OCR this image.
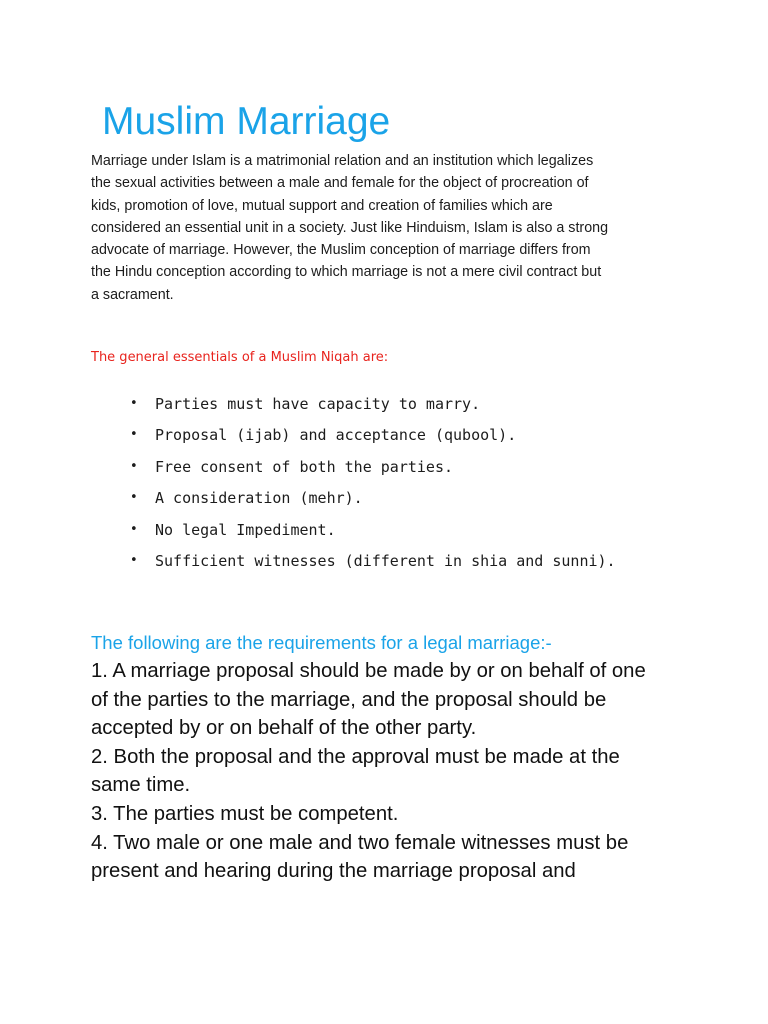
Muslim Marriage

Marriage under Islam is a matrimonial relation and an institution which legalizes
the sexual activities between a male and female for the object of procreation of
kids, promotion of love, mutual support and creation of families which are
considered an essential unit in a society. Just like Hinduism, Islam is also a strong
advocate of marriage. However, the Muslim conception of marriage differs from
the Hindu conception according to which marriage is not a mere civil contract but
a sacrament.

The general essentials of a Muslim Niqah are:

• Parties must have capacity to marry.
• Proposal (ijab) and acceptance (qubool).
• Free consent of both the parties.
• A consideration (mehr).
• No legal Impediment.
• Sufficient witnesses (different in shia and sunni).
The following are the requirements for a legal marriage:-

1. A marriage proposal should be made by or on behalf of one
of the parties to the marriage, and the proposal should be
accepted by or on behalf of the other party.
2. Both the proposal and the approval must be made at the
same time.
3. The parties must be competent.
4. Two male or one male and two female witnesses must be
present and hearing during the marriage proposal and
